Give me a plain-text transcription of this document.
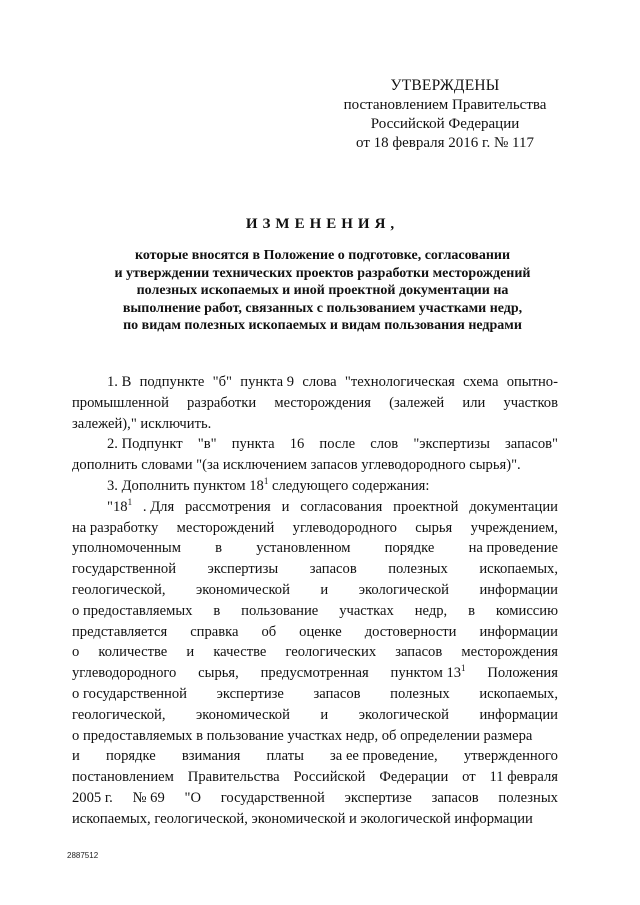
УТВЕРЖДЕНЫ
постановлением Правительства
Российской Федерации
от 18 февраля 2016 г. № 117
ИЗМЕНЕНИЯ,
которые вносятся в Положение о подготовке, согласовании
и утверждении технических проектов разработки месторождений
полезных ископаемых и иной проектной документации на
выполнение работ, связанных с пользованием участками недр,
по видам полезных ископаемых и видам пользования недрами
1. В подпункте "б" пункта 9 слова "технологическая схема опытно-
промышленной разработки месторождения (залежей или участков
залежей)," исключить.
2. Подпункт "в" пункта 16 после слов "экспертизы запасов"
дополнить словами "(за исключением запасов углеводородного сырья)".
3. Дополнить пунктом $18^1$ следующего содержания:
"$18^1$ . Для рассмотрения и согласования проектной документации
на разработку месторождений углеводородного сырья учреждением,
уполномоченным в установленном порядке на проведение
государственной экспертизы запасов полезных ископаемых,
геологической, экономической и экологической информации
о предоставляемых в пользование участках недр, в комиссию
представляется справка об оценке достоверности информации
о количестве и качестве геологических запасов месторождения
углеводородного сырья, предусмотренная пунктом $13^1$ Положения
о государственной экспертизе запасов полезных ископаемых,
геологической, экономической и экологической информации
о предоставляемых в пользование участках недр, об определении размера
и порядке взимания платы за ее проведение, утвержденного
постановлением Правительства Российской Федерации от 11 февраля
2005 г. № 69 "О государственной экспертизе запасов полезных
ископаемых, геологической, экономической и экологической информации
2887512
